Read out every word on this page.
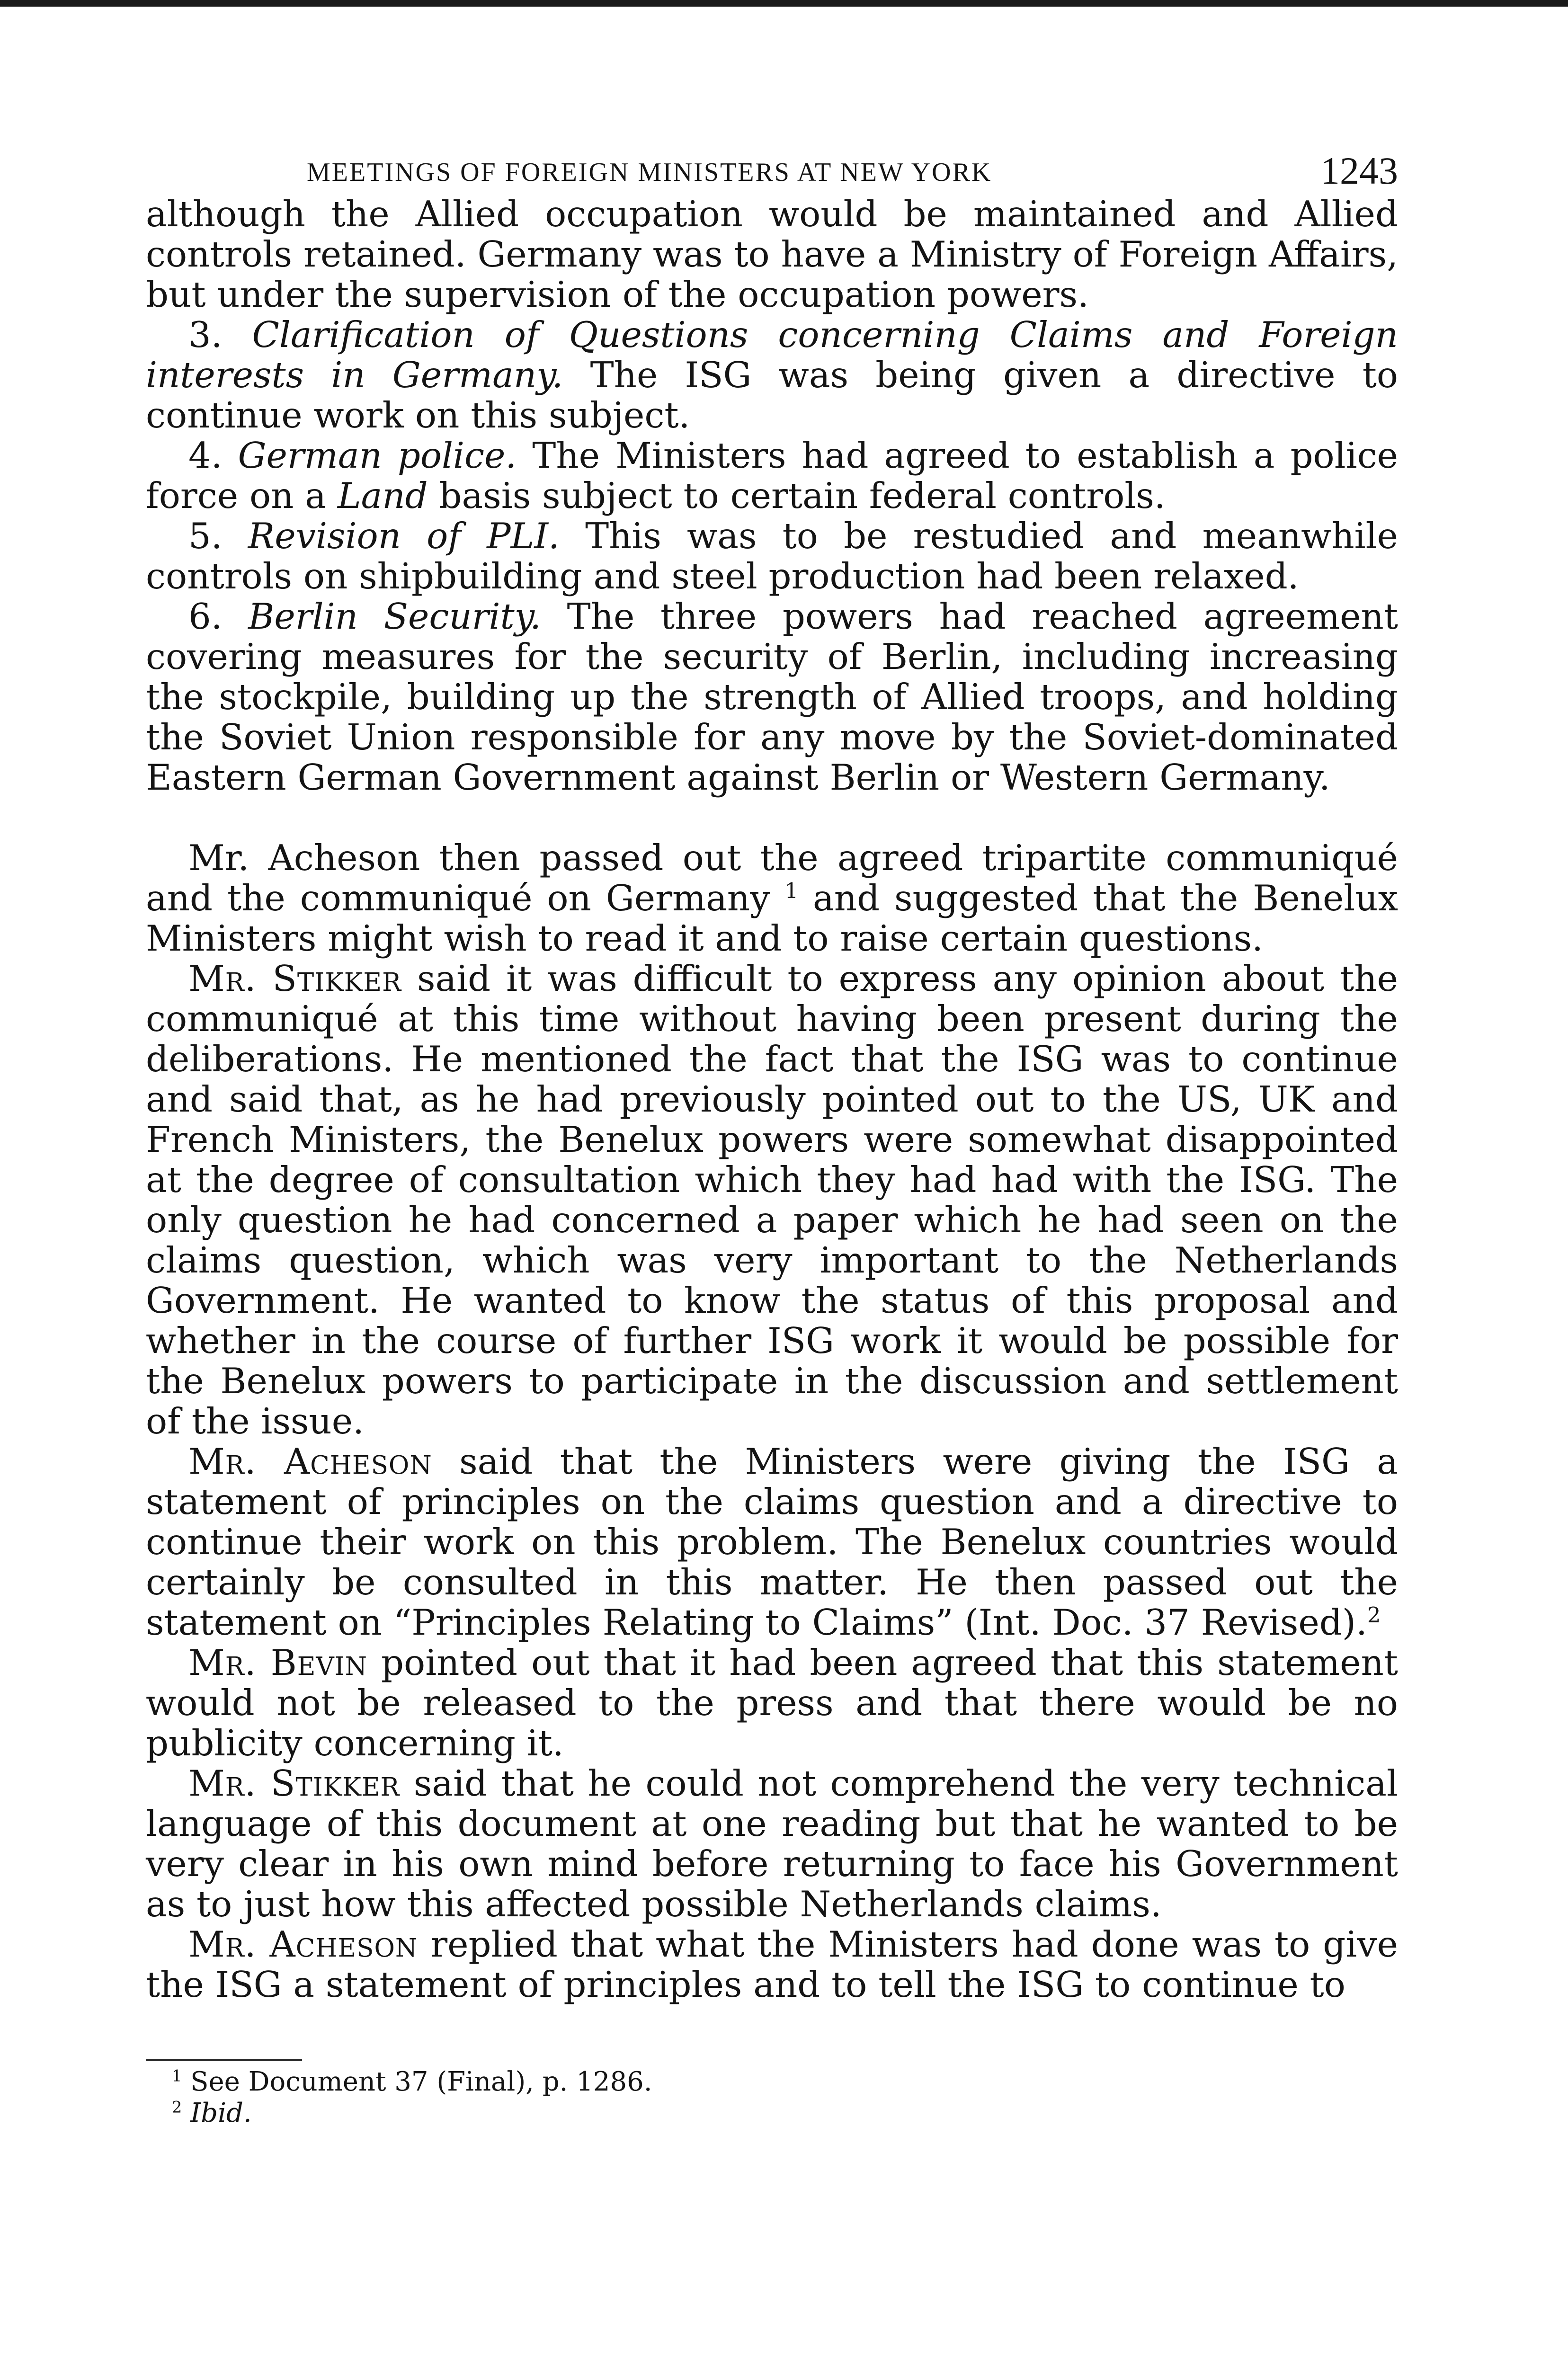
MEETINGS OF FOREIGN MINISTERS AT NEW YORK	1243

although the Allied occupation would be maintained and Allied controls retained. Germany was to have a Ministry of Foreign Affairs, but under the supervision of the occupation powers.

3. Clarification of Questions concerning Claims and Foreign interests in Germany. The ISG was being given a directive to continue work on this subject.

4. German police. The Ministers had agreed to establish a police force on a Land basis subject to certain federal controls.

5. Revision of PLI. This was to be restudied and meanwhile controls on shipbuilding and steel production had been relaxed.

6. Berlin Security. The three powers had reached agreement covering measures for the security of Berlin, including increasing the stockpile, building up the strength of Allied troops, and holding the Soviet Union responsible for any move by the Soviet-dominated Eastern German Government against Berlin or Western Germany.

Mr. Acheson then passed out the agreed tripartite communiqué and the communiqué on Germany $^1$ and suggested that the Benelux Ministers might wish to read it and to raise certain questions.

Mr. Stikker said it was difficult to express any opinion about the communiqué at this time without having been present during the deliberations. He mentioned the fact that the ISG was to continue and said that, as he had previously pointed out to the US, UK and French Ministers, the Benelux powers were somewhat disappointed at the degree of consultation which they had had with the ISG. The only question he had concerned a paper which he had seen on the claims question, which was very important to the Netherlands Government. He wanted to know the status of this proposal and whether in the course of further ISG work it would be possible for the Benelux powers to participate in the discussion and settlement of the issue.

Mr. Acheson said that the Ministers were giving the ISG a statement of principles on the claims question and a directive to continue their work on this problem. The Benelux countries would certainly be consulted in this matter. He then passed out the statement on “Principles Relating to Claims” (Int. Doc. 37 Revised).$^2$

Mr. Bevin pointed out that it had been agreed that this statement would not be released to the press and that there would be no publicity concerning it.

Mr. Stikker said that he could not comprehend the very technical language of this document at one reading but that he wanted to be very clear in his own mind before returning to face his Government as to just how this affected possible Netherlands claims.

Mr. Acheson replied that what the Ministers had done was to give the ISG a statement of principles and to tell the ISG to continue to

$^1$ See Document 37 (Final), p. 1286.

$^2$ Ibid.
